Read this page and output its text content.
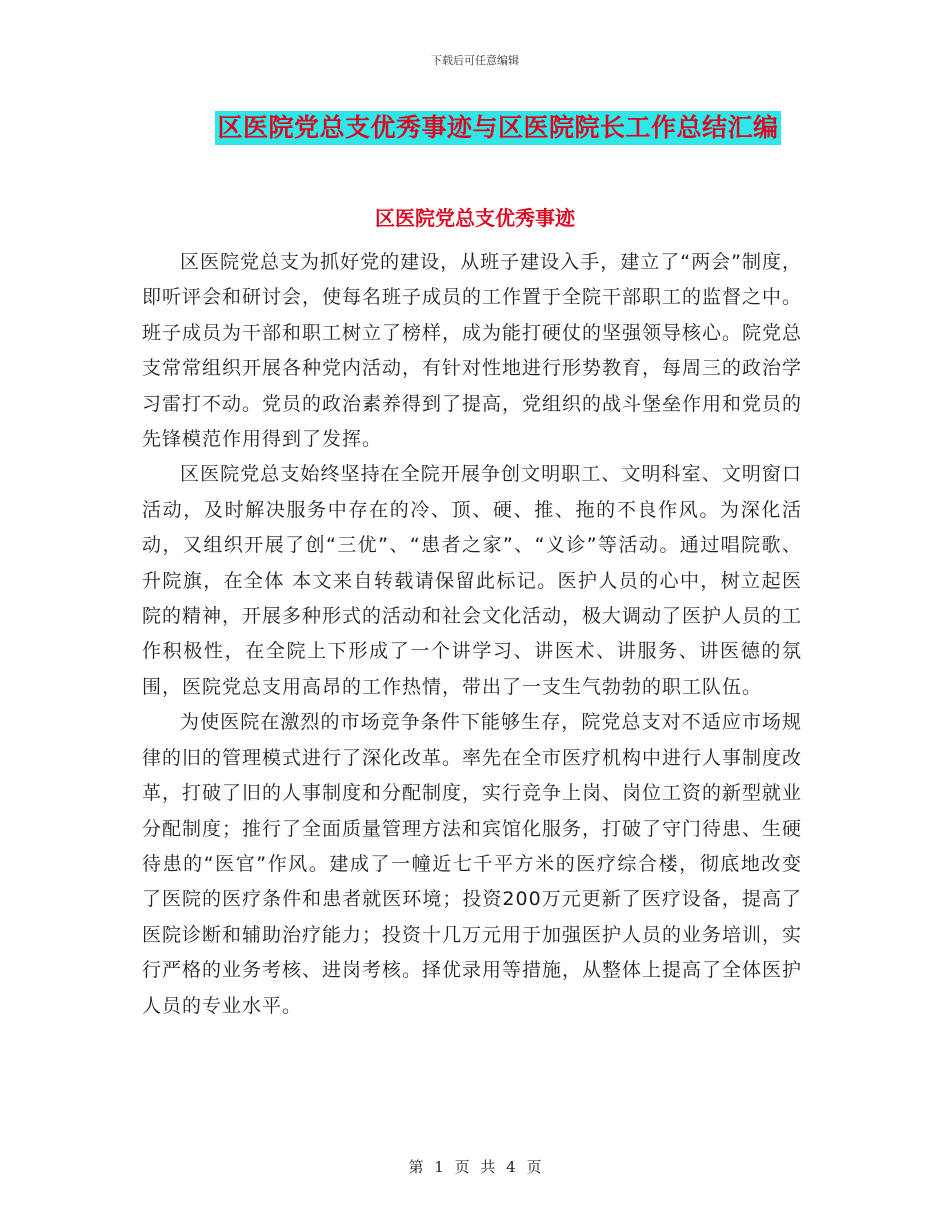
下载后可任意编辑
区医院党总支优秀事迹与区医院院长工作总结汇编
区医院党总支优秀事迹

区医院党总支为抓好党的建设，从班子建设入手，建立了“两会”制度，即听评会和研讨会，使每名班子成员的工作置于全院干部职工的监督之中。班子成员为干部和职工树立了榜样，成为能打硬仗的坚强领导核心。院党总支常常组织开展各种党内活动，有针对性地进行形势教育，每周三的政治学习雷打不动。党员的政治素养得到了提高，党组织的战斗堡垒作用和党员的先锋模范作用得到了发挥。

区医院党总支始终坚持在全院开展争创文明职工、文明科室、文明窗口活动，及时解决服务中存在的冷、顶、硬、推、拖的不良作风。为深化活动，又组织开展了创“三优”、“患者之家”、“义诊”等活动。通过唱院歌、升院旗，在全体 本文来自转载请保留此标记。医护人员的心中，树立起医院的精神，开展多种形式的活动和社会文化活动，极大调动了医护人员的工作积极性，在全院上下形成了一个讲学习、讲医术、讲服务、讲医德的氛围，医院党总支用高昂的工作热情，带出了一支生气勃勃的职工队伍。

为使医院在激烈的市场竞争条件下能够生存，院党总支对不适应市场规律的旧的管理模式进行了深化改革。率先在全市医疗机构中进行人事制度改革，打破了旧的人事制度和分配制度，实行竞争上岗、岗位工资的新型就业分配制度；推行了全面质量管理方法和宾馆化服务，打破了守门待患、生硬待患的“医官”作风。建成了一幢近七千平方米的医疗综合楼，彻底地改变了医院的医疗条件和患者就医环境；投资200万元更新了医疗设备，提高了医院诊断和辅助治疗能力；投资十几万元用于加强医护人员的业务培训，实行严格的业务考核、进岗考核。择优录用等措施，从整体上提高了全体医护人员的专业水平。

第 1 页 共 4 页
